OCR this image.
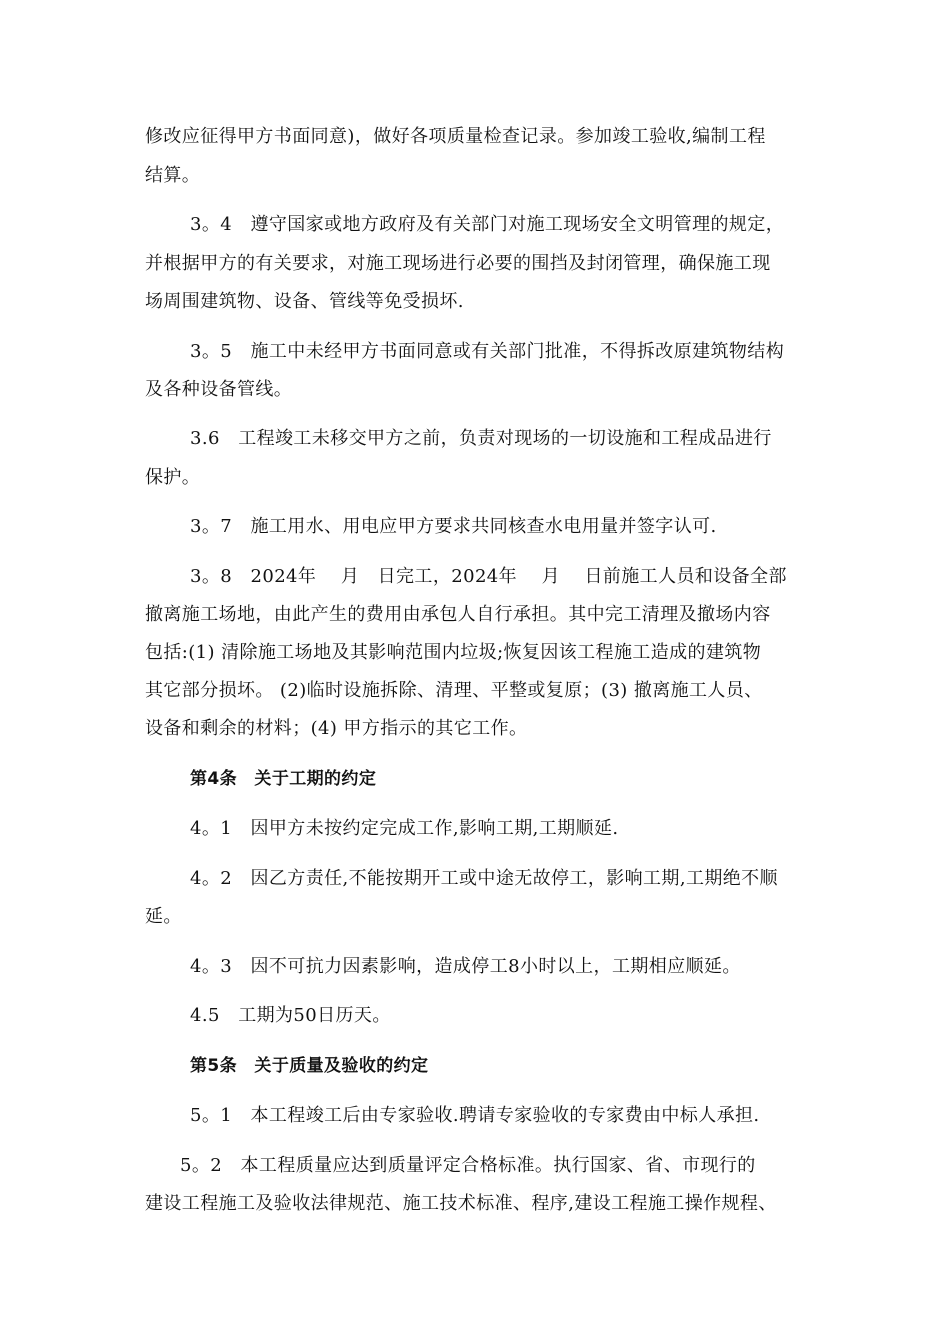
修改应征得甲方书面同意)，做好各项质量检查记录。参加竣工验收,编制工程
结算。
3。4　遵守国家或地方政府及有关部门对施工现场安全文明管理的规定，
并根据甲方的有关要求，对施工现场进行必要的围挡及封闭管理，确保施工现
场周围建筑物、设备、管线等免受损坏.
3。5　施工中未经甲方书面同意或有关部门批准，不得拆改原建筑物结构
及各种设备管线。
3.6　工程竣工未移交甲方之前，负责对现场的一切设施和工程成品进行
保护。
3。7　施工用水、用电应甲方要求共同核查水电用量并签字认可.
3。8　2024年　 月　日完工，2024年　 月　 日前施工人员和设备全部
撤离施工场地，由此产生的费用由承包人自行承担。其中完工清理及撤场内容
包括:(1) 清除施工场地及其影响范围内垃圾;恢复因该工程施工造成的建筑物
其它部分损坏。 (2)临时设施拆除、清理、平整或复原；(3) 撤离施工人员、
设备和剩余的材料；(4) 甲方指示的其它工作。
第4条　关于工期的约定
4。1　因甲方未按约定完成工作,影响工期,工期顺延.
4。2　因乙方责任,不能按期开工或中途无故停工，影响工期,工期绝不顺
延。
4。3　因不可抗力因素影响，造成停工8小时以上，工期相应顺延。
4.5　工期为50日历天。
第5条　关于质量及验收的约定
5。1　本工程竣工后由专家验收.聘请专家验收的专家费由中标人承担.
5。2　本工程质量应达到质量评定合格标准。执行国家、省、市现行的
建设工程施工及验收法律规范、施工技术标准、程序,建设工程施工操作规程、
